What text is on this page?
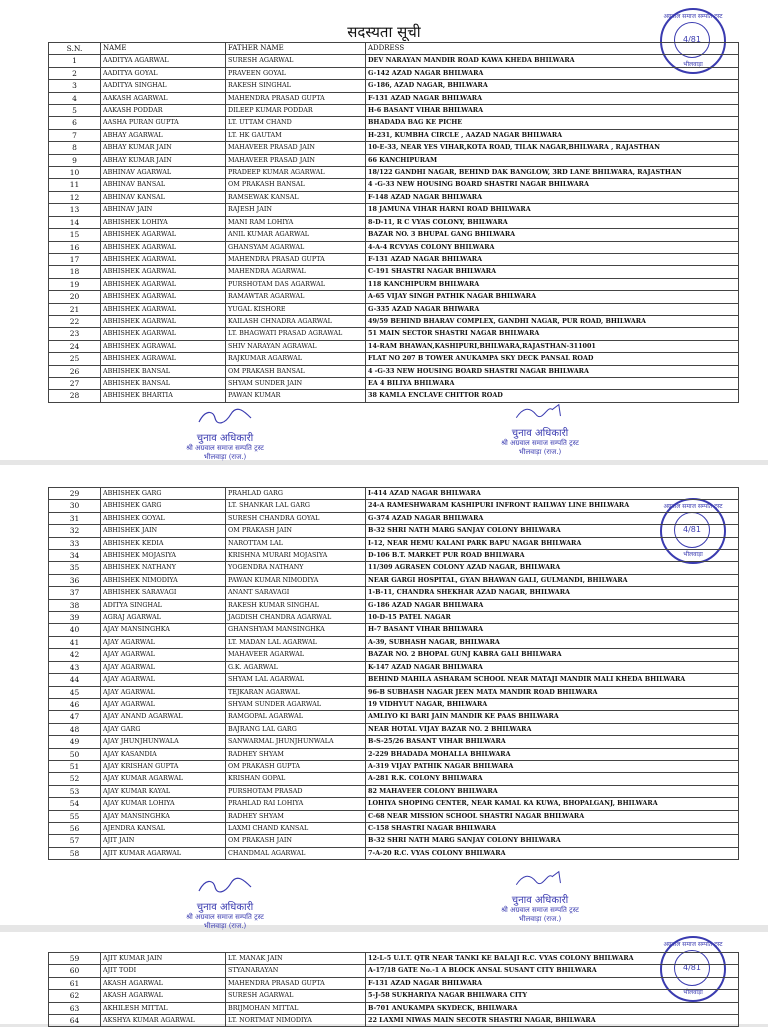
सदस्यता सूची
अग्रवाल समाज सम्पति ट्रस्ट
4/81
भीलवाड़ा
S.N.	NAME	FATHER NAME	ADDRESS
1	AADITYA AGARWAL	SURESH AGARWAL	DEV NARAYAN MANDIR ROAD KAWA KHEDA BHILWARA
2	AADITYA GOYAL	PRAVEEN GOYAL	G-142 AZAD NAGAR BHILWARA
3	AADITYA SINGHAL	RAKESH SINGHAL	G-186, AZAD NAGAR, BHILWARA
4	AAKASH AGARWAL	MAHENDRA PRASAD GUPTA	F-131 AZAD NAGAR BHILWARA
5	AAKASH PODDAR	DILEEP KUMAR PODDAR	H-6 BASANT VIHAR BHILWARA
6	AASHA PURAN GUPTA	LT. UTTAM CHAND	BHADADA BAG KE PICHE
7	ABHAY AGARWAL	LT. HK GAUTAM	H-231, KUMBHA CIRCLE , AAZAD NAGAR BHILWARA
8	ABHAY KUMAR JAIN	MAHAVEER PRASAD JAIN	10-E-33, NEAR YES VIHAR,KOTA ROAD, TILAK NAGAR,BHILWARA , RAJASTHAN
9	ABHAY KUMAR JAIN	MAHAVEER PRASAD JAIN	66 KANCHIPURAM
10	ABHINAV AGARWAL	PRADEEP KUMAR AGARWAL	18/122 GANDHI NAGAR, BEHIND DAK BANGLOW, 3RD LANE BHILWARA, RAJASTHAN
11	ABHINAV BANSAL	OM PRAKASH BANSAL	4 -G-33 NEW HOUSING BOARD SHASTRI NAGAR BHILWARA
12	ABHINAV KANSAL	RAMSEWAK KANSAL	F-148 AZAD NAGAR BHILWARA
13	ABHINAV JAIN	RAJESH JAIN	18 JAMUNA VIHAR HARNI ROAD BHILWARA
14	ABHISHEK LOHIYA	MANI RAM LOHIYA	8-D-11, R C VYAS COLONY, BHILWARA
15	ABHISHEK AGARWAL	ANIL KUMAR AGARWAL	BAZAR NO. 3 BHUPAL GANG BHILWARA
16	ABHISHEK AGARWAL	GHANSYAM AGARWAL	4-A-4 RCVYAS COLONY BHILWARA
17	ABHISHEK AGARWAL	MAHENDRA PRASAD GUPTA	F-131 AZAD NAGAR BHILWARA
18	ABHISHEK AGARWAL	MAHENDRA AGARWAL	C-191 SHASTRI NAGAR BHILWARA
19	ABHISHEK AGARWAL	PURSHOTAM DAS AGARWAL	118 KANCHIPURM BHILWARA
20	ABHISHEK AGARWAL	RAMAWTAR AGARWAL	A-65 VIJAY SINGH PATHIK NAGAR BHILWARA
21	ABHISHEK AGARWAL	YUGAL KISHORE	G-335 AZAD NAGAR BHIWARA
22	ABHISHEK AGARWAL	KAILASH CHNADRA AGARWAL	49/59 BEHIND BHARAV COMPLEX, GANDHI NAGAR, PUR ROAD, BHILWARA
23	ABHISHEK AGARWAL	LT. BHAGWATI PRASAD AGRAWAL	51 MAIN SECTOR SHASTRI NAGAR BHILWARA
24	ABHISHEK AGRAWAL	SHIV NARAYAN AGRAWAL	14-RAM BHAWAN,KASHIPURI,BHILWARA,RAJASTHAN-311001
25	ABHISHEK AGRAWAL	RAJKUMAR AGARWAL	FLAT NO 207 B TOWER ANUKAMPA SKY DECK PANSAL ROAD
26	ABHISHEK BANSAL	OM PRAKASH BANSAL	4 -G-33 NEW HOUSING BOARD SHASTRI NAGAR BHILWARA
27	ABHISHEK BANSAL	SHYAM SUNDER JAIN	EA 4 BILIYA BHILWARA
28	ABHISHEK BHARTIA	PAWAN KUMAR	38 KAMLA ENCLAVE CHITTOR ROAD
चुनाव अधिकारी
श्री अग्रवाल समाज सम्पति ट्रस्ट
भीलवाड़ा (राज.)
चुनाव अधिकारी
श्री अग्रवाल समाज सम्पति ट्रस्ट
भीलवाड़ा (राज.)
अग्रवाल समाज सम्पति ट्रस्ट
4/81
भीलवाड़ा
29	ABHISHEK GARG	PRAHLAD GARG	I-414 AZAD NAGAR BHILWARA
30	ABHISHEK GARG	LT. SHANKAR LAL GARG	24-A RAMESHWARAM KASHIPURI INFRONT RAILWAY LINE BHILWARA
31	ABHISHEK GOYAL	SURESH CHANDRA GOYAL	G-374 AZAD NAGAR BHILWARA
32	ABHISHEK JAIN	OM PRAKASH JAIN	B-32 SHRI NATH MARG SANJAY COLONY BHILWARA
33	ABHISHEK KEDIA	NAROTTAM LAL	I-12, NEAR HEMU KALANI PARK BAPU NAGAR BHILWARA
34	ABHISHEK MOJASIYA	KRISHNA MURARI MOJASIYA	D-106 B.T. MARKET PUR ROAD BHILWARA
35	ABHISHEK NATHANY	YOGENDRA NATHANY	11/309 AGRASEN COLONY AZAD NAGAR, BHILWARA
36	ABHISHEK NIMODIYA	PAWAN KUMAR NIMODIYA	NEAR GARGI HOSPITAL, GYAN BHAWAN GALI, GULMANDI, BHILWARA
37	ABHISHEK SARAVAGI	ANANT SARAVAGI	1-B-11, CHANDRA SHEKHAR AZAD NAGAR, BHILWARA
38	ADITYA SINGHAL	RAKESH KUMAR SINGHAL	G-186 AZAD NAGAR BHILWARA
39	AGRAJ AGARWAL	JAGDISH CHANDRA AGARWAL	10-D-15 PATEL NAGAR
40	AJAY MANSINGHKA	GHANSHYAM MANSINGHKA	H-7 BASANT VIHAR BHILWARA
41	AJAY AGARWAL	LT. MADAN LAL AGARWAL	A-39, SUBHASH NAGAR, BHILWARA
42	AJAY AGARWAL	MAHAVEER AGARWAL	BAZAR NO. 2 BHOPAL GUNJ KABRA GALI BHILWARA
43	AJAY AGARWAL	G.K. AGARWAL	K-147 AZAD NAGAR BHILWARA
44	AJAY AGARWAL	SHYAM LAL AGARWAL	BEHIND MAHILA ASHARAM SCHOOL NEAR MATAJI MANDIR MALI KHEDA BHILWARA
45	AJAY AGARWAL	TEJKARAN AGARWAL	96-B SUBHASH NAGAR JEEN MATA MANDIR ROAD BHILWARA
46	AJAY AGARWAL	SHYAM SUNDER AGARWAL	19 VIDHYUT NAGAR, BHILWARA
47	AJAY ANAND AGARWAL	RAMGOPAL AGARWAL	AMLIYO KI BARI JAIN MANDIR KE PAAS BHILWARA
48	AJAY GARG	BAJRANG LAL GARG	NEAR HOTAL VIJAY BAZAR NO. 2 BHILWARA
49	AJAY JHUNJHUNWALA	SANWARMAL JHUNJHUNWALA	B-S-25/26 BASANT VIHAR BHILWARA
50	AJAY KASANDIA	RADHEY SHYAM	2-229 BHADADA MOHALLA BHILWARA
51	AJAY KRISHAN GUPTA	OM PRAKASH GUPTA	A-319 VIJAY PATHIK NAGAR BHILWARA
52	AJAY KUMAR AGARWAL	KRISHAN GOPAL	A-281 R.K. COLONY BHILWARA
53	AJAY KUMAR KAYAL	PURSHOTAM PRASAD	82 MAHAVEER COLONY BHILWARA
54	AJAY KUMAR LOHIYA	PRAHLAD RAI LOHIYA	LOHIYA SHOPING CENTER, NEAR KAMAL KA KUWA, BHOPALGANJ, BHILWARA
55	AJAY MANSINGHKA	RADHEY SHYAM	C-68 NEAR MISSION SCHOOL SHASTRI NAGAR BHILWARA
56	AJENDRA KANSAL	LAXMI CHAND KANSAL	C-158 SHASTRI NAGAR BHILWARA
57	AJIT JAIN	OM PRAKASH JAIN	B-32 SHRI NATH MARG SANJAY COLONY BHILWARA
58	AJIT KUMAR AGARWAL	CHANDMAL AGARWAL	7-A-20 R.C. VYAS COLONY BHILWARA
चुनाव अधिकारी
श्री अग्रवाल समाज सम्पति ट्रस्ट
भीलवाड़ा (राज.)
चुनाव अधिकारी
श्री अग्रवाल समाज सम्पति ट्रस्ट
भीलवाड़ा (राज.)
अग्रवाल समाज सम्पति ट्रस्ट
4/81
भीलवाड़ा
59	AJIT KUMAR JAIN	LT. MANAK JAIN	12-L-5 U.I.T. QTR NEAR TANKI KE BALAJI R.C. VYAS COLONY BHILWARA
60	AJIT TODI	STYANARAYAN	A-17/18 GATE No.-1 A BLOCK ANSAL SUSANT CITY BHILWARA
61	AKASH AGARWAL	MAHENDRA PRASAD GUPTA	F-131 AZAD NAGAR BHILWARA
62	AKASH AGARWAL	SURESH AGARWAL	5-J-58 SUKHARIYA NAGAR BHILWARA CITY
63	AKHILESH MITTAL	BRIJMOHAN MITTAL	B-701 ANUKAMPA SKYDECK, BHILWARA
64	AKSHYA KUMAR AGARWAL	LT. NORTMAT NIMODIYA	22 LAXMI NIWAS MAIN SECOTR SHASTRI NAGAR, BHILWARA
